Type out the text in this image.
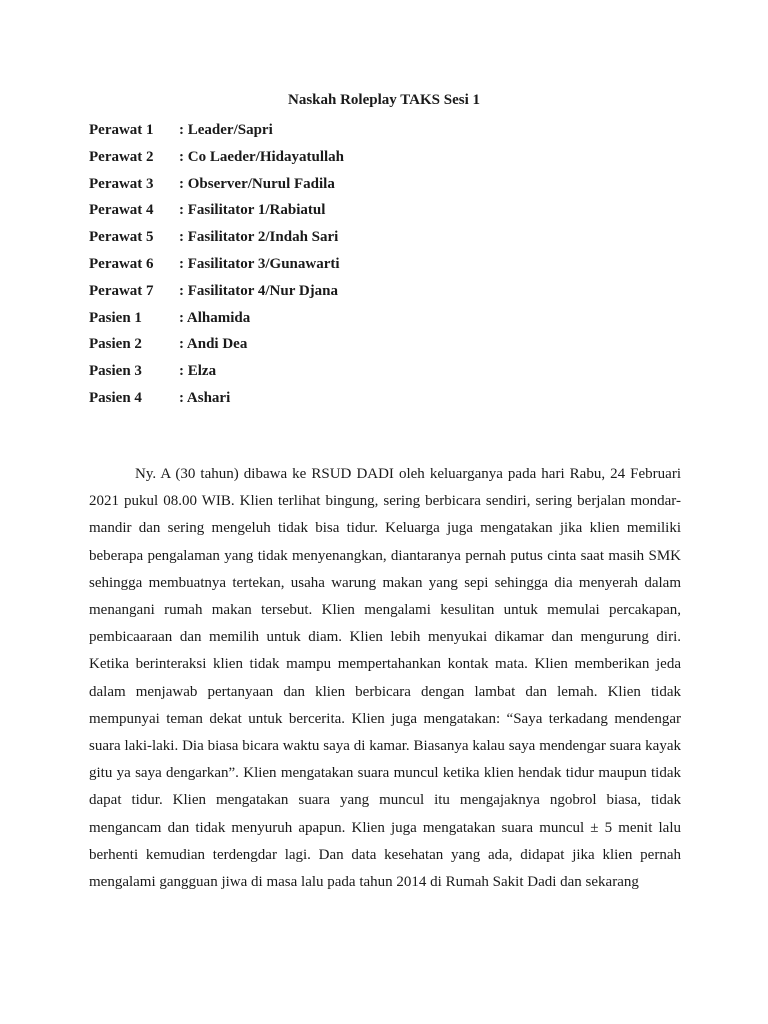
Naskah Roleplay TAKS Sesi 1
Perawat 1 : Leader/Sapri
Perawat 2 : Co Laeder/Hidayatullah
Perawat 3 : Observer/Nurul Fadila
Perawat 4 : Fasilitator 1/Rabiatul
Perawat 5 : Fasilitator 2/Indah Sari
Perawat 6 : Fasilitator 3/Gunawarti
Perawat 7 : Fasilitator 4/Nur Djana
Pasien 1 : Alhamida
Pasien 2 : Andi Dea
Pasien 3 : Elza
Pasien 4 : Ashari

Ny. A (30 tahun) dibawa ke RSUD DADI oleh keluarganya pada hari Rabu, 24 Februari 2021 pukul 08.00 WIB. Klien terlihat bingung, sering berbicara sendiri, sering berjalan mondar-mandir dan sering mengeluh tidak bisa tidur. Keluarga juga mengatakan jika klien memiliki beberapa pengalaman yang tidak menyenangkan, diantaranya pernah putus cinta saat masih SMK sehingga membuatnya tertekan, usaha warung makan yang sepi sehingga dia menyerah dalam menangani rumah makan tersebut. Klien mengalami kesulitan untuk memulai percakapan, pembicaaraan dan memilih untuk diam. Klien lebih menyukai dikamar dan mengurung diri. Ketika berinteraksi klien tidak mampu mempertahankan kontak mata. Klien memberikan jeda dalam menjawab pertanyaan dan klien berbicara dengan lambat dan lemah. Klien tidak mempunyai teman dekat untuk bercerita. Klien juga mengatakan: “Saya terkadang mendengar suara laki-laki. Dia biasa bicara waktu saya di kamar. Biasanya kalau saya mendengar suara kayak gitu ya saya dengarkan”. Klien mengatakan suara muncul ketika klien hendak tidur maupun tidak dapat tidur. Klien mengatakan suara yang muncul itu mengajaknya ngobrol biasa, tidak mengancam dan tidak menyuruh apapun. Klien juga mengatakan suara muncul ± 5 menit lalu berhenti kemudian terdengdar lagi. Dan data kesehatan yang ada, didapat jika klien pernah mengalami gangguan jiwa di masa lalu pada tahun 2014 di Rumah Sakit Dadi dan sekarang
